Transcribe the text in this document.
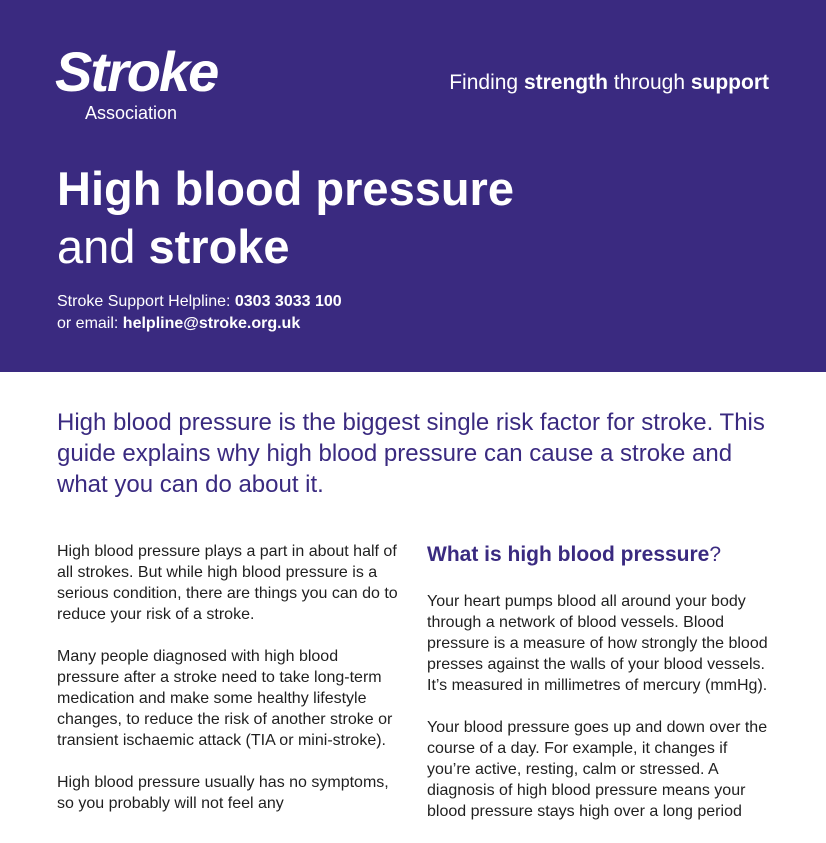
Stroke
Association
Finding strength through support
High blood pressure
and stroke
Stroke Support Helpline: 0303 3033 100
or email: helpline@stroke.org.uk
High blood pressure is the biggest single risk factor for stroke. This guide explains why high blood pressure can cause a stroke and what you can do about it.

High blood pressure plays a part in about half of all strokes. But while high blood pressure is a serious condition, there are things you can do to reduce your risk of a stroke.

Many people diagnosed with high blood pressure after a stroke need to take long-term medication and make some healthy lifestyle changes, to reduce the risk of another stroke or transient ischaemic attack (TIA or mini-stroke).

High blood pressure usually has no symptoms, so you probably will not feel any

What is high blood pressure?

Your heart pumps blood all around your body through a network of blood vessels. Blood pressure is a measure of how strongly the blood presses against the walls of your blood vessels. It’s measured in millimetres of mercury (mmHg).

Your blood pressure goes up and down over the course of a day. For example, it changes if you’re active, resting, calm or stressed. A diagnosis of high blood pressure means your blood pressure stays high over a long period
